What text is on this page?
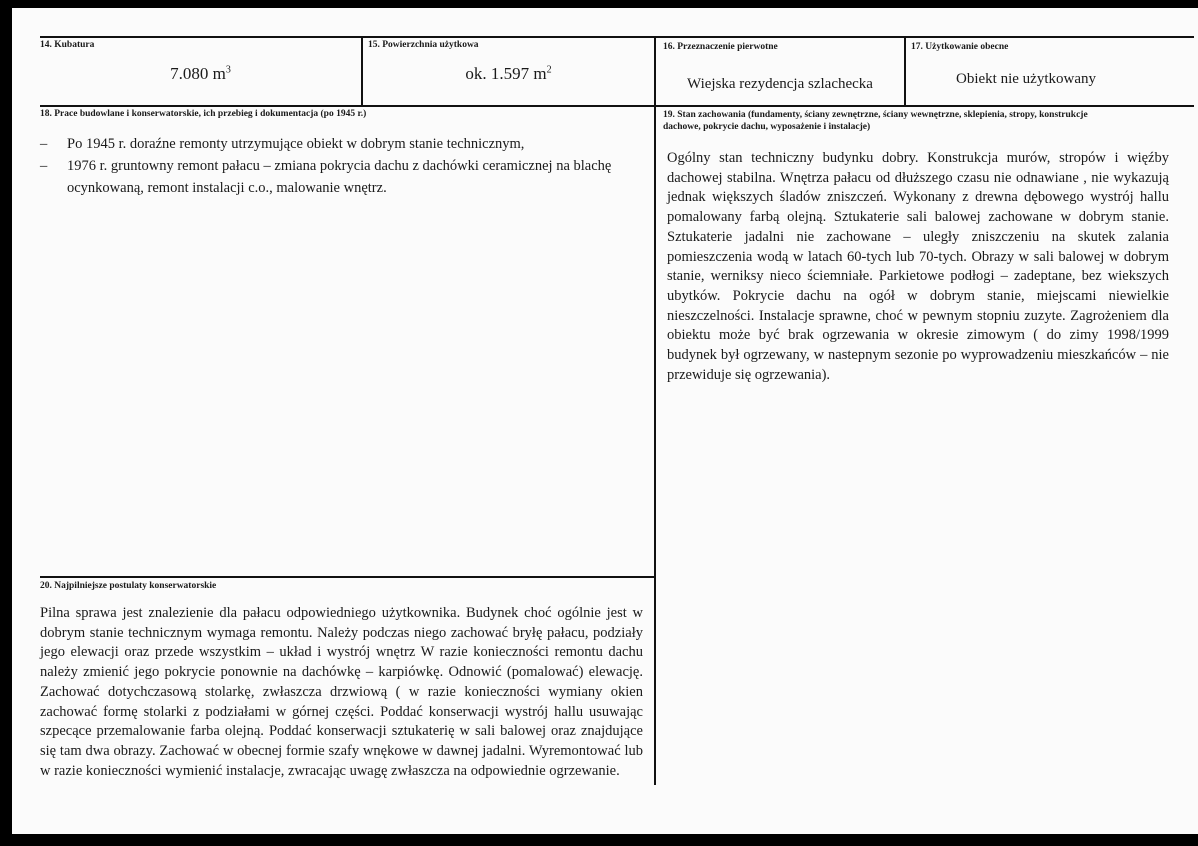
14. Kubatura
7.080 $m^3$
15. Powierzchnia użytkowa
ok. 1.597 $m^2$
16. Przeznaczenie pierwotne
Wiejska rezydencja szlachecka
17. Użytkowanie obecne
Obiekt nie użytkowany
18. Prace budowlane i konserwatorskie, ich przebieg i dokumentacja (po 1945 r.)
– Po 1945 r. doraźne remonty utrzymujące obiekt w dobrym stanie technicznym,
– 1976 r. gruntowny remont pałacu – zmiana pokrycia dachu z dachówki ceramicznej na blachę ocynkowaną, remont instalacji c.o., malowanie wnętrz.
19. Stan zachowania (fundamenty, ściany zewnętrzne, ściany wewnętrzne, sklepienia, stropy, konstrukcje
dachowe, pokrycie dachu, wyposażenie i instalacje)
Ogólny stan techniczny budynku dobry. Konstrukcja murów, stropów i więźby dachowej stabilna. Wnętrza pałacu od dłuższego czasu nie odnawiane , nie wykazują jednak większych śladów zniszczeń. Wykonany z drewna dębowego wystrój hallu pomalowany farbą olejną. Sztukaterie sali balowej zachowane w dobrym stanie. Sztukaterie jadalni nie zachowane – uległy zniszczeniu na skutek zalania pomieszczenia wodą w latach 60-tych lub 70-tych. Obrazy w sali balowej w dobrym stanie, werniksy nieco ściemniałe. Parkietowe podłogi – zadeptane, bez wiekszych ubytków. Pokrycie dachu na ogół w dobrym stanie, miejscami niewielkie nieszczelności. Instalacje sprawne, choć w pewnym stopniu zuzyte. Zagrożeniem dla obiektu może być brak ogrzewania w okresie zimowym ( do zimy 1998/1999 budynek był ogrzewany, w nastepnym sezonie po wyprowadzeniu mieszkańców – nie przewiduje się ogrzewania).
20. Najpilniejsze postulaty konserwatorskie
Pilna sprawa jest znalezienie dla pałacu odpowiedniego użytkownika. Budynek choć ogólnie jest w dobrym stanie technicznym wymaga remontu. Należy podczas niego zachować bryłę pałacu, podziały jego elewacji oraz przede wszystkim – układ i wystrój wnętrz W razie konieczności remontu dachu należy zmienić jego pokrycie ponownie na dachówkę – karpiówkę. Odnowić (pomalować) elewację. Zachować dotychczasową stolarkę, zwłaszcza drzwiową ( w razie konieczności wymiany okien zachować formę stolarki z podziałami w górnej części. Poddać konserwacji wystrój hallu usuwając szpecące przemalowanie farba olejną. Poddać konserwacji sztukaterię w sali balowej oraz znajdujące się tam dwa obrazy. Zachować w obecnej formie szafy wnękowe w dawnej jadalni. Wyremontować lub w razie konieczności wymienić instalacje, zwracając uwagę zwłaszcza na odpowiednie ogrzewanie.
